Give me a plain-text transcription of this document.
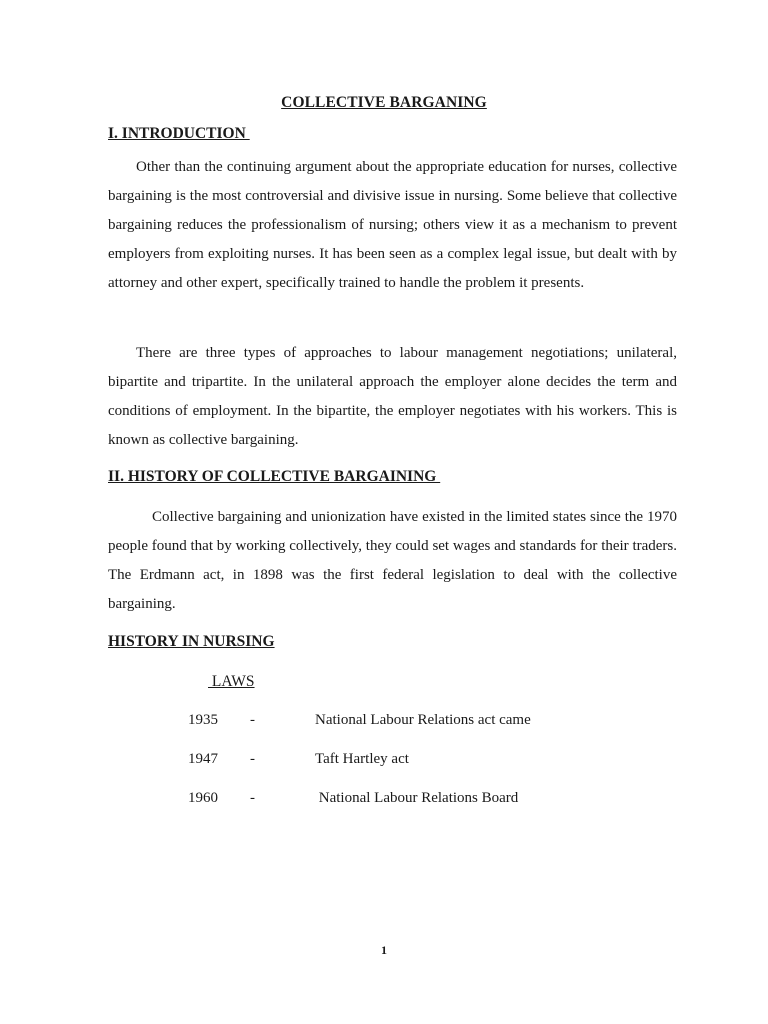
COLLECTIVE BARGANING
I. INTRODUCTION
Other than the continuing argument about the appropriate education for nurses, collective bargaining is the most controversial and divisive issue in nursing. Some believe that collective bargaining reduces the professionalism of nursing; others view it as a mechanism to prevent employers from exploiting nurses. It has been seen as a complex legal issue, but dealt with by attorney and other expert, specifically trained to handle the problem it presents.
There are three types of approaches to labour management negotiations; unilateral, bipartite and tripartite. In the unilateral approach the employer alone decides the term and conditions of employment. In the bipartite, the employer negotiates with his workers. This is known as collective bargaining.
II. HISTORY OF COLLECTIVE BARGAINING
Collective bargaining and unionization have existed in the limited states since the 1970 people found that by working collectively, they could set wages and standards for their traders. The Erdmann act, in 1898 was the first federal legislation to deal with the collective bargaining.
HISTORY IN NURSING
LAWS
1935 -	National Labour Relations act came
1947 -	Taft Hartley act
1960 -	National Labour Relations Board
1
